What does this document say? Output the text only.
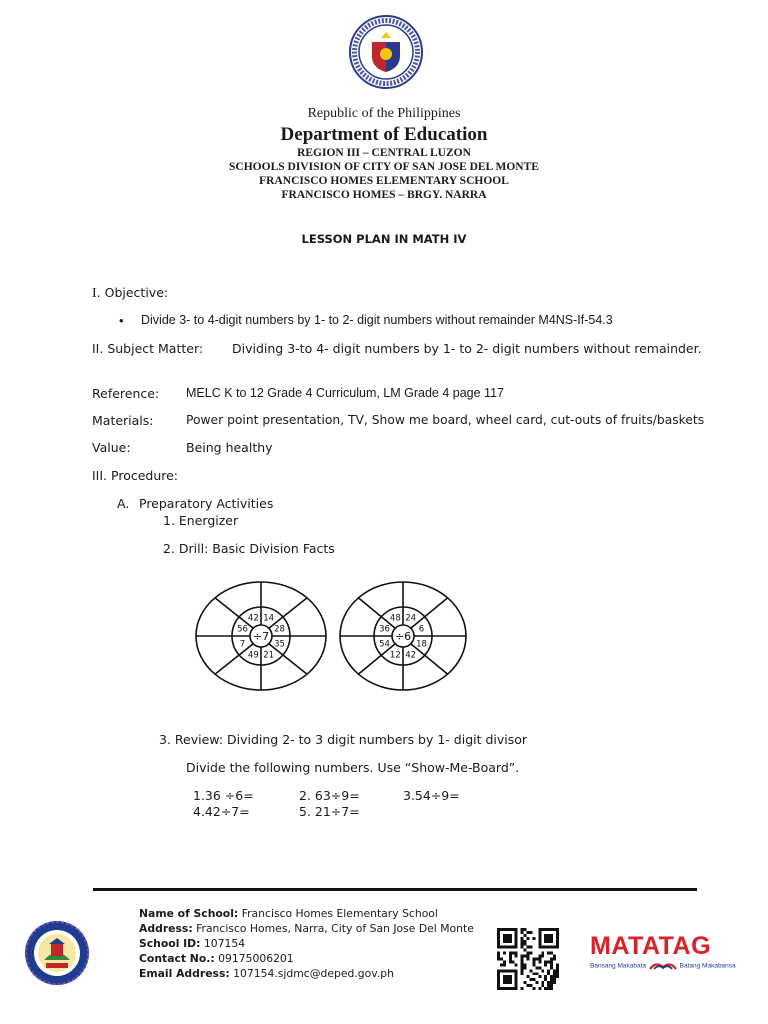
Republic of the Philippines
Department of Education
REGION III – CENTRAL LUZON
SCHOOLS DIVISION OF CITY OF SAN JOSE DEL MONTE
FRANCISCO HOMES ELEMENTARY SCHOOL
FRANCISCO HOMES – BRGY. NARRA
LESSON PLAN IN MATH IV
I. Objective:
• Divide 3- to 4-digit numbers by 1- to 2- digit numbers without remainder M4NS-If-54.3
II. Subject Matter: Dividing 3-to 4- digit numbers by 1- to 2- digit numbers without remainder.
Reference: MELC K to 12 Grade 4 Curriculum, LM Grade 4 page 117
Materials:	Power point presentation, TV, Show me board, wheel card, cut-outs of fruits/baskets
Value:	Being healthy
III. Procedure:
A. Preparatory Activities
1. Energizer
2. Drill: Basic Division Facts
÷7
42 14
28
35
21
49
7
56
÷6
48 24
6
18
42
12
54
36
3. Review: Dividing 2- to 3 digit numbers by 1- digit divisor
Divide the following numbers. Use “Show-Me-Board”.
1.36 ÷6=	2. 63÷9=	3.54÷9=
4.42÷7=	5. 21÷7=
Name of School: Francisco Homes Elementary School
Address: Francisco Homes, Narra, City of San Jose Del Monte
School ID: 107154
Contact No.: 09175006201
Email Address: 107154.sjdmc@deped.gov.ph
MATATAG
Bansang Makabata	Batang Makabansa
